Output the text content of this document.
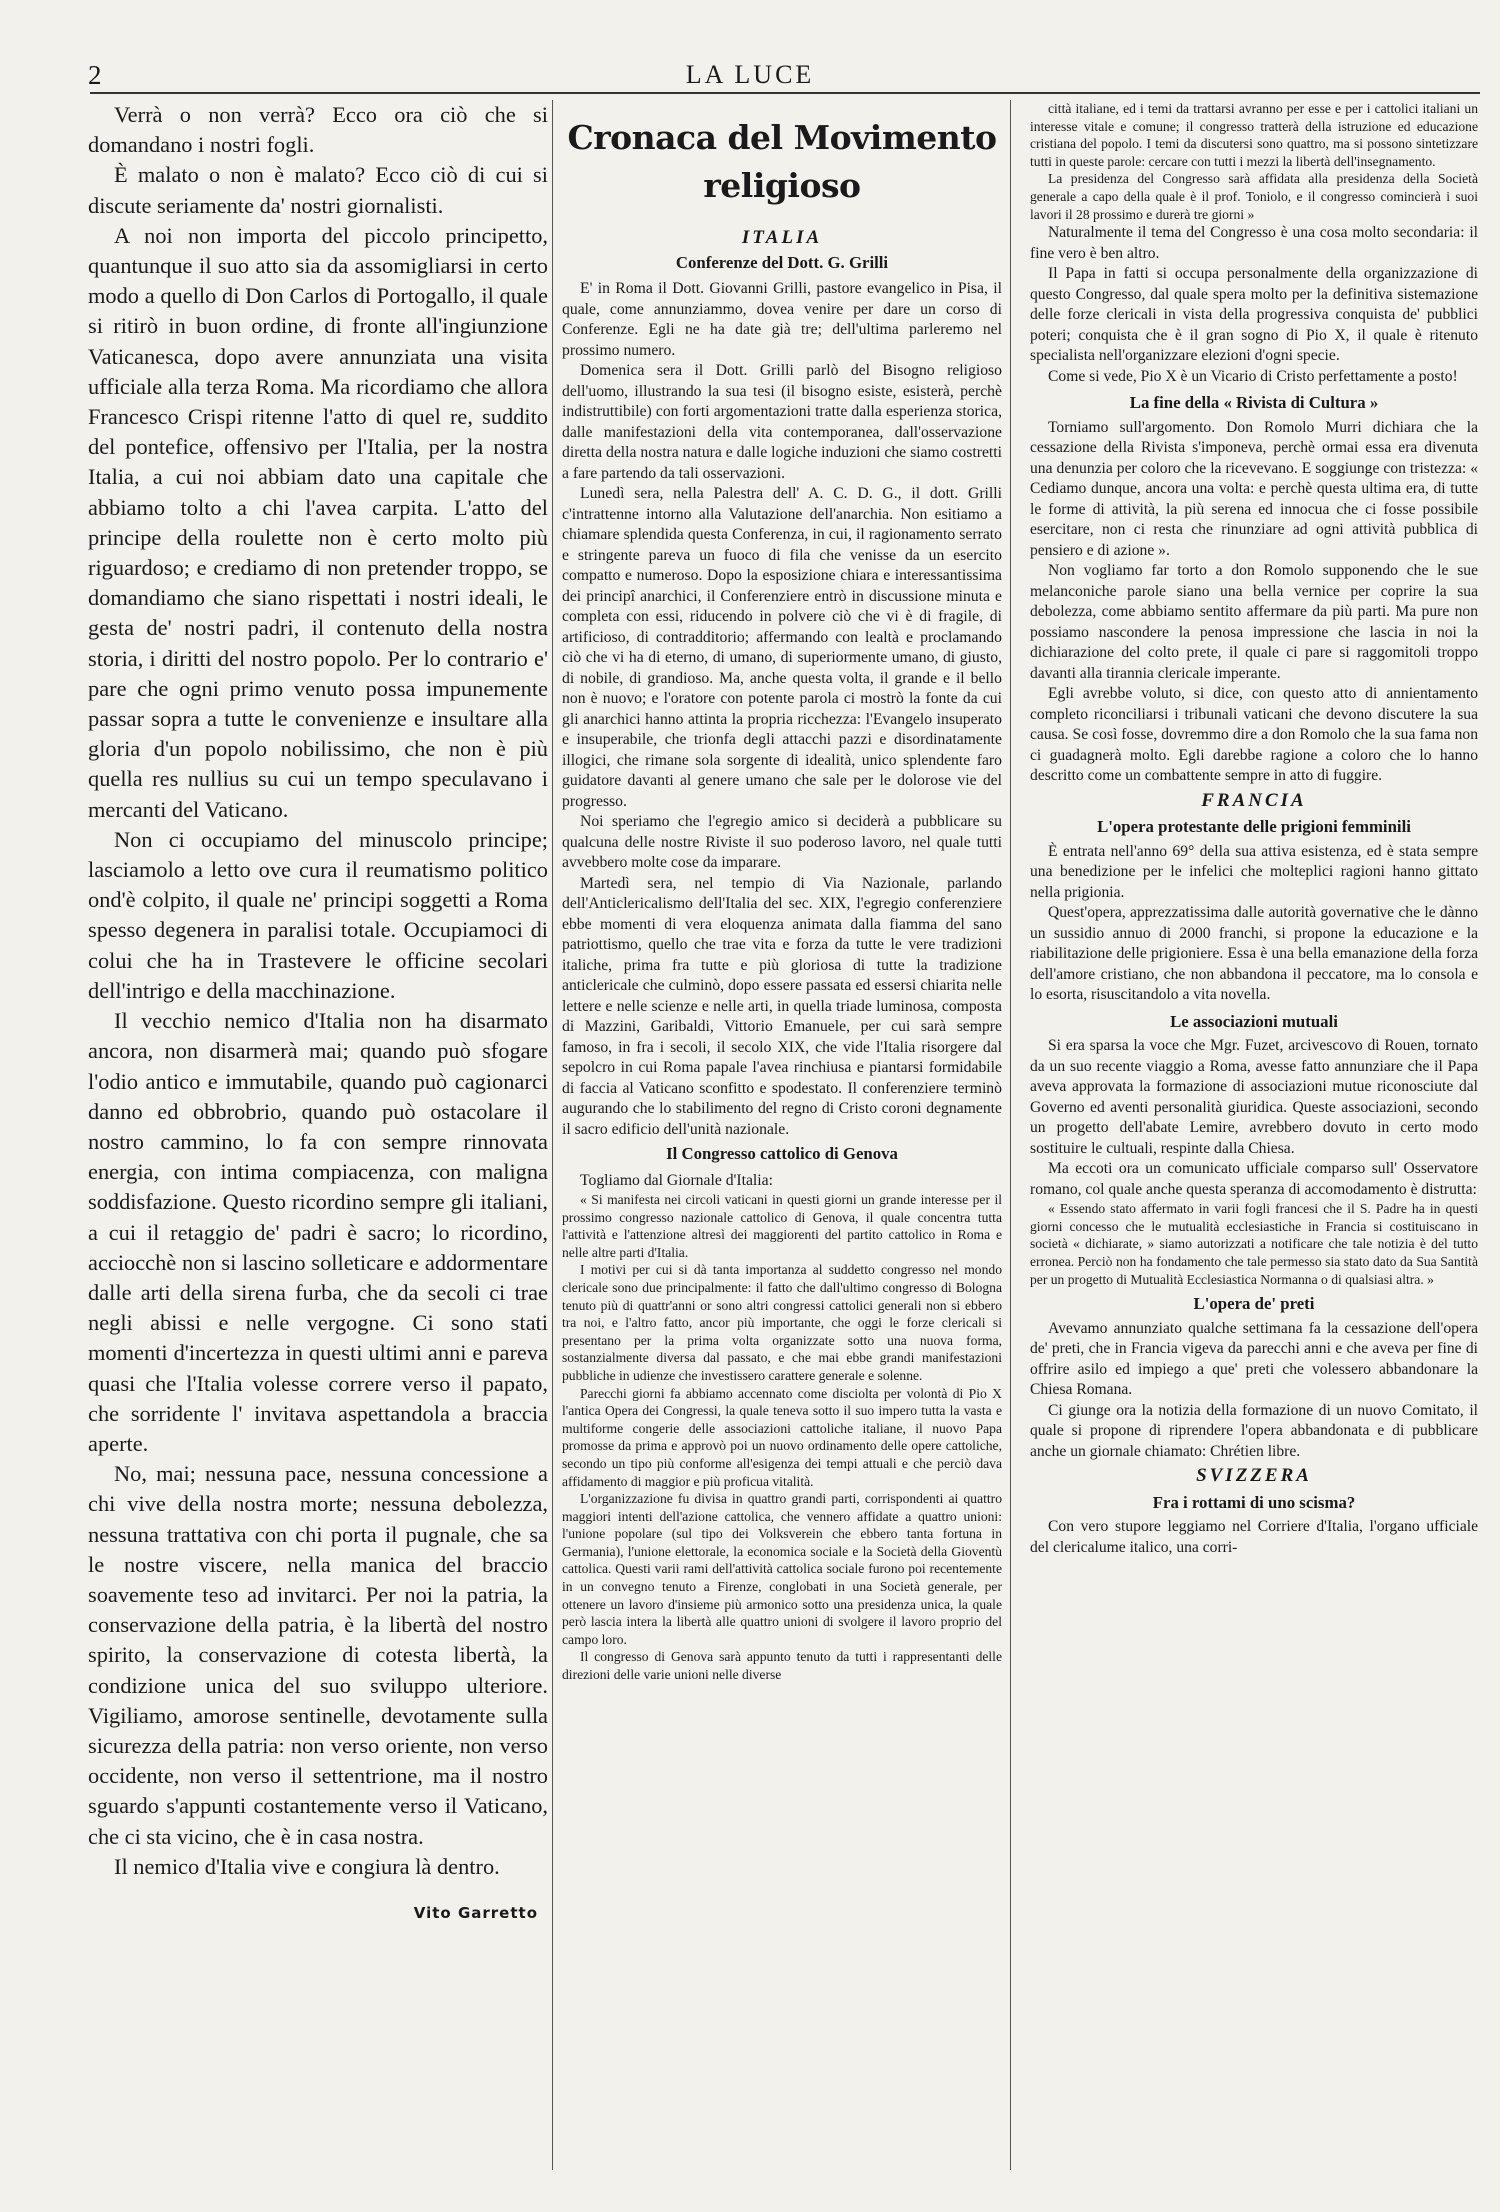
2	LA LUCE

Verrà o non verrà? Ecco ora ciò che si domandano i nostri fogli.

È malato o non è malato? Ecco ciò di cui si discute seriamente da' nostri giornalisti.

A noi non importa del piccolo principetto, quantunque il suo atto sia da assomigliarsi in certo modo a quello di Don Carlos di Portogallo, il quale si ritirò in buon ordine, di fronte all'ingiunzione Vaticanesca, dopo avere annunziata una visita ufficiale alla terza Roma. Ma ricordiamo che allora Francesco Crispi ritenne l'atto di quel re, suddito del pontefice, offensivo per l'Italia, per la nostra Italia, a cui noi abbiam dato una capitale che abbiamo tolto a chi l'avea carpita. L'atto del principe della roulette non è certo molto più riguardoso; e crediamo di non pretender troppo, se domandiamo che siano rispettati i nostri ideali, le gesta de' nostri padri, il contenuto della nostra storia, i diritti del nostro popolo. Per lo contrario e' pare che ogni primo venuto possa impunemente passar sopra a tutte le convenienze e insultare alla gloria d'un popolo nobilissimo, che non è più quella res nullius su cui un tempo speculavano i mercanti del Vaticano.

Non ci occupiamo del minuscolo principe; lasciamolo a letto ove cura il reumatismo politico ond'è colpito, il quale ne' principi soggetti a Roma spesso degenera in paralisi totale. Occupiamoci di colui che ha in Trastevere le officine secolari dell'intrigo e della macchinazione.

Il vecchio nemico d'Italia non ha disarmato ancora, non disarmerà mai; quando può sfogare l'odio antico e immutabile, quando può cagionarci danno ed obbrobrio, quando può ostacolare il nostro cammino, lo fa con sempre rinnovata energia, con intima compiacenza, con maligna soddisfazione. Questo ricordino sempre gli italiani, a cui il retaggio de' padri è sacro; lo ricordino, acciocchè non si lascino solleticare e addormentare dalle arti della sirena furba, che da secoli ci trae negli abissi e nelle vergogne. Ci sono stati momenti d'incertezza in questi ultimi anni e pareva quasi che l'Italia volesse correre verso il papato, che sorridente l' invitava aspettandola a braccia aperte.

No, mai; nessuna pace, nessuna concessione a chi vive della nostra morte; nessuna debolezza, nessuna trattativa con chi porta il pugnale, che sa le nostre viscere, nella manica del braccio soavemente teso ad invitarci. Per noi la patria, la conservazione della patria, è la libertà del nostro spirito, la conservazione di cotesta libertà, la condizione unica del suo sviluppo ulteriore. Vigiliamo, amorose sentinelle, devotamente sulla sicurezza della patria: non verso oriente, non verso occidente, non verso il settentrione, ma il nostro sguardo s'appunti costantemente verso il Vaticano, che ci sta vicino, che è in casa nostra.

Il nemico d'Italia vive e congiura là dentro.

Vito Garretto
Cronaca del Movimento religioso
ITALIA
Conferenze del Dott. G. Grilli

E' in Roma il Dott. Giovanni Grilli, pastore evangelico in Pisa, il quale, come annunziammo, dovea venire per dare un corso di Conferenze. Egli ne ha date già tre; dell'ultima parleremo nel prossimo numero.

Domenica sera il Dott. Grilli parlò del Bisogno religioso dell'uomo, illustrando la sua tesi (il bisogno esiste, esisterà, perchè indistruttibile) con forti argomentazioni tratte dalla esperienza storica, dalle manifestazioni della vita contemporanea, dall'osservazione diretta della nostra natura e dalle logiche induzioni che siamo costretti a fare partendo da tali osservazioni.

Lunedì sera, nella Palestra dell' A. C. D. G., il dott. Grilli c'intrattenne intorno alla Valutazione dell'anarchia. Non esitiamo a chiamare splendida questa Conferenza, in cui, il ragionamento serrato e stringente pareva un fuoco di fila che venisse da un esercito compatto e numeroso. Dopo la esposizione chiara e interessantissima dei principî anarchici, il Conferenziere entrò in discussione minuta e completa con essi, riducendo in polvere ciò che vi è di fragile, di artificioso, di contradditorio; affermando con lealtà e proclamando ciò che vi ha di eterno, di umano, di superiormente umano, di giusto, di nobile, di grandioso. Ma, anche questa volta, il grande e il bello non è nuovo; e l'oratore con potente parola ci mostrò la fonte da cui gli anarchici hanno attinta la propria ricchezza: l'Evangelo insuperato e insuperabile, che trionfa degli attacchi pazzi e disordinatamente illogici, che rimane sola sorgente di idealità, unico splendente faro guidatore davanti al genere umano che sale per le dolorose vie del progresso.

Noi speriamo che l'egregio amico si deciderà a pubblicare su qualcuna delle nostre Riviste il suo poderoso lavoro, nel quale tutti avvebbero molte cose da imparare.

Martedì sera, nel tempio di Via Nazionale, parlando dell'Anticlericalismo dell'Italia del sec. XIX, l'egregio conferenziere ebbe momenti di vera eloquenza animata dalla fiamma del sano patriottismo, quello che trae vita e forza da tutte le vere tradizioni italiche, prima fra tutte e più gloriosa di tutte la tradizione anticlericale che culminò, dopo essere passata ed essersi chiarita nelle lettere e nelle scienze e nelle arti, in quella triade luminosa, composta di Mazzini, Garibaldi, Vittorio Emanuele, per cui sarà sempre famoso, in fra i secoli, il secolo XIX, che vide l'Italia risorgere dal sepolcro in cui Roma papale l'avea rinchiusa e piantarsi formidabile di faccia al Vaticano sconfitto e spodestato. Il conferenziere terminò augurando che lo stabilimento del regno di Cristo coroni degnamente il sacro edificio dell'unità nazionale.

Il Congresso cattolico di Genova

Togliamo dal Giornale d'Italia:

« Si manifesta nei circoli vaticani in questi giorni un grande interesse per il prossimo congresso nazionale cattolico di Genova, il quale concentra tutta l'attività e l'attenzione altresì dei maggiorenti del partito cattolico in Roma e nelle altre parti d'Italia.

I motivi per cui si dà tanta importanza al suddetto congresso nel mondo clericale sono due principalmente: il fatto che dall'ultimo congresso di Bologna tenuto più di quattr'anni or sono altri congressi cattolici generali non si ebbero tra noi, e l'altro fatto, ancor più importante, che oggi le forze clericali si presentano per la prima volta organizzate sotto una nuova forma, sostanzialmente diversa dal passato, e che mai ebbe grandi manifestazioni pubbliche in udienze che investissero carattere generale e solenne.

Parecchi giorni fa abbiamo accennato come disciolta per volontà di Pio X l'antica Opera dei Congressi, la quale teneva sotto il suo impero tutta la vasta e multiforme congerie delle associazioni cattoliche italiane, il nuovo Papa promosse da prima e approvò poi un nuovo ordinamento delle opere cattoliche, secondo un tipo più conforme all'esigenza dei tempi attuali e che perciò dava affidamento di maggior e più proficua vitalità.

L'organizzazione fu divisa in quattro grandi parti, corrispondenti ai quattro maggiori intenti dell'azione cattolica, che vennero affidate a quattro unioni: l'unione popolare (sul tipo dei Volksverein che ebbero tanta fortuna in Germania), l'unione elettorale, la economica sociale e la Società della Gioventù cattolica. Questi varii rami dell'attività cattolica sociale furono poi recentemente in un convegno tenuto a Firenze, conglobati in una Società generale, per ottenere un lavoro d'insieme più armonico sotto una presidenza unica, la quale però lascia intera la libertà alle quattro unioni di svolgere il lavoro proprio del campo loro.

Il congresso di Genova sarà appunto tenuto da tutti i rappresentanti delle direzioni delle varie unioni nelle diverse

città italiane, ed i temi da trattarsi avranno per esse e per i cattolici italiani un interesse vitale e comune; il congresso tratterà della istruzione ed educazione cristiana del popolo. I temi da discutersi sono quattro, ma si possono sintetizzare tutti in queste parole: cercare con tutti i mezzi la libertà dell'insegnamento.

La presidenza del Congresso sarà affidata alla presidenza della Società generale a capo della quale è il prof. Toniolo, e il congresso comincierà i suoi lavori il 28 prossimo e durerà tre giorni »

Naturalmente il tema del Congresso è una cosa molto secondaria: il fine vero è ben altro.

Il Papa in fatti si occupa personalmente della organizzazione di questo Congresso, dal quale spera molto per la definitiva sistemazione delle forze clericali in vista della progressiva conquista de' pubblici poteri; conquista che è il gran sogno di Pio X, il quale è ritenuto specialista nell'organizzare elezioni d'ogni specie.

Come si vede, Pio X è un Vicario di Cristo perfettamente a posto!

La fine della « Rivista di Cultura »

Torniamo sull'argomento. Don Romolo Murri dichiara che la cessazione della Rivista s'imponeva, perchè ormai essa era divenuta una denunzia per coloro che la ricevevano. E soggiunge con tristezza: « Cediamo dunque, ancora una volta: e perchè questa ultima era, di tutte le forme di attività, la più serena ed innocua che ci fosse possibile esercitare, non ci resta che rinunziare ad ogni attività pubblica di pensiero e di azione ».

Non vogliamo far torto a don Romolo supponendo che le sue melanconiche parole siano una bella vernice per coprire la sua debolezza, come abbiamo sentito affermare da più parti. Ma pure non possiamo nascondere la penosa impressione che lascia in noi la dichiarazione del colto prete, il quale ci pare si raggomitoli troppo davanti alla tirannia clericale imperante.

Egli avrebbe voluto, si dice, con questo atto di annientamento completo riconciliarsi i tribunali vaticani che devono discutere la sua causa. Se così fosse, dovremmo dire a don Romolo che la sua fama non ci guadagnerà molto. Egli darebbe ragione a coloro che lo hanno descritto come un combattente sempre in atto di fuggire.

FRANCIA
L'opera protestante delle prigioni femminili

È entrata nell'anno 69° della sua attiva esistenza, ed è stata sempre una benedizione per le infelici che molteplici ragioni hanno gittato nella prigionia.

Quest'opera, apprezzatissima dalle autorità governative che le dànno un sussidio annuo di 2000 franchi, si propone la educazione e la riabilitazione delle prigioniere. Essa è una bella emanazione della forza dell'amore cristiano, che non abbandona il peccatore, ma lo consola e lo esorta, risuscitandolo a vita novella.

Le associazioni mutuali

Si era sparsa la voce che Mgr. Fuzet, arcivescovo di Rouen, tornato da un suo recente viaggio a Roma, avesse fatto annunziare che il Papa aveva approvata la formazione di associazioni mutue riconosciute dal Governo ed aventi personalità giuridica. Queste associazioni, secondo un progetto dell'abate Lemire, avrebbero dovuto in certo modo sostituire le cultuali, respinte dalla Chiesa.

Ma eccoti ora un comunicato ufficiale comparso sull' Osservatore romano, col quale anche questa speranza di accomodamento è distrutta:

« Essendo stato affermato in varii fogli francesi che il S. Padre ha in questi giorni concesso che le mutualità ecclesiastiche in Francia si costituiscano in società « dichiarate, » siamo autorizzati a notificare che tale notizia è del tutto erronea. Perciò non ha fondamento che tale permesso sia stato dato da Sua Santità per un progetto di Mutualità Ecclesiastica Normanna o di qualsiasi altra. »

L'opera de' preti

Avevamo annunziato qualche settimana fa la cessazione dell'opera de' preti, che in Francia vigeva da parecchi anni e che aveva per fine di offrire asilo ed impiego a que' preti che volessero abbandonare la Chiesa Romana.

Ci giunge ora la notizia della formazione di un nuovo Comitato, il quale si propone di riprendere l'opera abbandonata e di pubblicare anche un giornale chiamato: Chrétien libre.

SVIZZERA
Fra i rottami di uno scisma?

Con vero stupore leggiamo nel Corriere d'Italia, l'organo ufficiale del clericalume italico, una corri-
